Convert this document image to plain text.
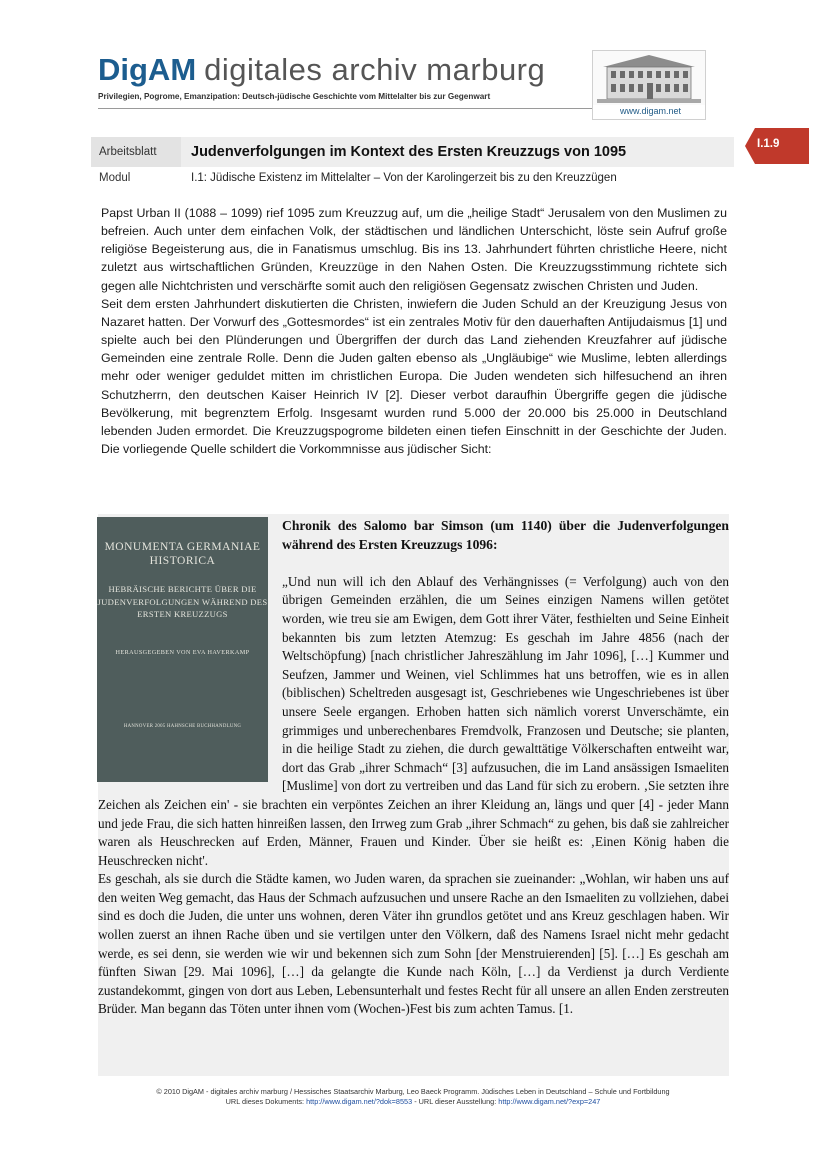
DigAM digitales archiv marburg
Privilegien, Pogrome, Emanzipation: Deutsch-jüdische Geschichte vom Mittelalter bis zur Gegenwart
www.digam.net
Arbeitsblatt	Judenverfolgungen im Kontext des Ersten Kreuzzugs von 1095
Modul	I.1: Jüdische Existenz im Mittelalter – Von der Karolingerzeit bis zu den Kreuzzügen
I.1.9

Papst Urban II (1088 – 1099) rief 1095 zum Kreuzzug auf, um die „heilige Stadt“ Jerusalem von den Muslimen zu befreien. Auch unter dem einfachen Volk, der städtischen und ländlichen Unterschicht, löste sein Aufruf große religiöse Begeisterung aus, die in Fanatismus umschlug. Bis ins 13. Jahrhundert führten christliche Heere, nicht zuletzt aus wirtschaftlichen Gründen, Kreuzzüge in den Nahen Osten. Die Kreuzzugsstimmung richtete sich gegen alle Nichtchristen und verschärfte somit auch den religiösen Gegensatz zwischen Christen und Juden.

Seit dem ersten Jahrhundert diskutierten die Christen, inwiefern die Juden Schuld an der Kreuzigung Jesus von Nazaret hatten. Der Vorwurf des „Gottesmordes“ ist ein zentrales Motiv für den dauerhaften Antijudaismus [1] und spielte auch bei den Plünderungen und Übergriffen der durch das Land ziehenden Kreuzfahrer auf jüdische Gemeinden eine zentrale Rolle. Denn die Juden galten ebenso als „Ungläubige“ wie Muslime, lebten allerdings mehr oder weniger geduldet mitten im christlichen Europa. Die Juden wendeten sich hilfesuchend an ihren Schutzherrn, den deutschen Kaiser Heinrich IV [2]. Dieser verbot daraufhin Übergriffe gegen die jüdische Bevölkerung, mit begrenztem Erfolg. Insgesamt wurden rund 5.000 der 20.000 bis 25.000 in Deutschland lebenden Juden ermordet. Die Kreuzzugspogrome bildeten einen tiefen Einschnitt in der Geschichte der Juden. Die vorliegende Quelle schildert die Vorkommnisse aus jüdischer Sicht:

Chronik des Salomo bar Simson (um 1140) über die Judenverfolgungen während des Ersten Kreuzzugs 1096:

„Und nun will ich den Ablauf des Verhängnisses (= Verfolgung) auch von den übrigen Gemeinden erzählen, die um Seines einzigen Namens willen getötet worden, wie treu sie am Ewigen, dem Gott ihrer Väter, festhielten und Seine Einheit bekannten bis zum letzten Atemzug: Es geschah im Jahre 4856 (nach der Weltschöpfung) [nach christlicher Jahreszählung im Jahr 1096], […] Kummer und Seufzen, Jammer und Weinen, viel Schlimmes hat uns betroffen, wie es in allen (biblischen) Scheltreden ausgesagt ist, Geschriebenes wie Ungeschriebenes ist über unsere Seele ergangen. Erhoben hatten sich nämlich vorerst Unverschämte, ein grimmiges und unberechenbares Fremdvolk, Franzosen und Deutsche; sie planten, in die heilige Stadt zu ziehen, die durch gewalttätige Völkerschaften entweiht war, dort das Grab „ihrer Schmach“ [3] aufzusuchen, die im Land ansässigen Ismaeliten [Muslime] von dort zu vertreiben und das Land für sich zu erobern. ‚Sie setzten ihre Zeichen als Zeichen ein' - sie brachten ein verpöntes Zeichen an ihrer Kleidung an, längs und quer [4] - jeder Mann und jede Frau, die sich hatten hinreißen lassen, den Irrweg zum Grab „ihrer Schmach“ zu gehen, bis daß sie zahlreicher waren als Heuschrecken auf Erden, Männer, Frauen und Kinder. Über sie heißt es: ‚Einen König haben die Heuschrecken nicht'.

Es geschah, als sie durch die Städte kamen, wo Juden waren, da sprachen sie zueinander: „Wohlan, wir haben uns auf den weiten Weg gemacht, das Haus der Schmach aufzusuchen und unsere Rache an den Ismaeliten zu vollziehen, dabei sind es doch die Juden, die unter uns wohnen, deren Väter ihn grundlos getötet und ans Kreuz geschlagen haben. Wir wollen zuerst an ihnen Rache üben und sie vertilgen unter den Völkern, daß des Namens Israel nicht mehr gedacht werde, es sei denn, sie werden wie wir und bekennen sich zum Sohn [der Menstruierenden] [5]. […] Es geschah am fünften Siwan [29. Mai 1096], […] da gelangte die Kunde nach Köln, […] da Verdienst ja durch Verdiente zustandekommt, gingen von dort aus Leben, Lebensunterhalt und festes Recht für all unsere an allen Enden zerstreuten Brüder. Man begann das Töten unter ihnen vom (Wochen-)Fest bis zum achten Tamus. [1.

MONUMENTA GERMANIAE HISTORICA
HEBRÄISCHE BERICHTE ÜBER DIE JUDENVERFOLGUNGEN WÄHREND DES ERSTEN KREUZZUGS
HERAUSGEGEBEN VON EVA HAVERKAMP
HANNOVER 2005 HAHNSCHE BUCHHANDLUNG
© 2010 DigAM - digitales archiv marburg / Hessisches Staatsarchiv Marburg, Leo Baeck Programm. Jüdisches Leben in Deutschland – Schule und Fortbildung
URL dieses Dokuments: http://www.digam.net/?dok=8553 - URL dieser Ausstellung: http://www.digam.net/?exp=247
